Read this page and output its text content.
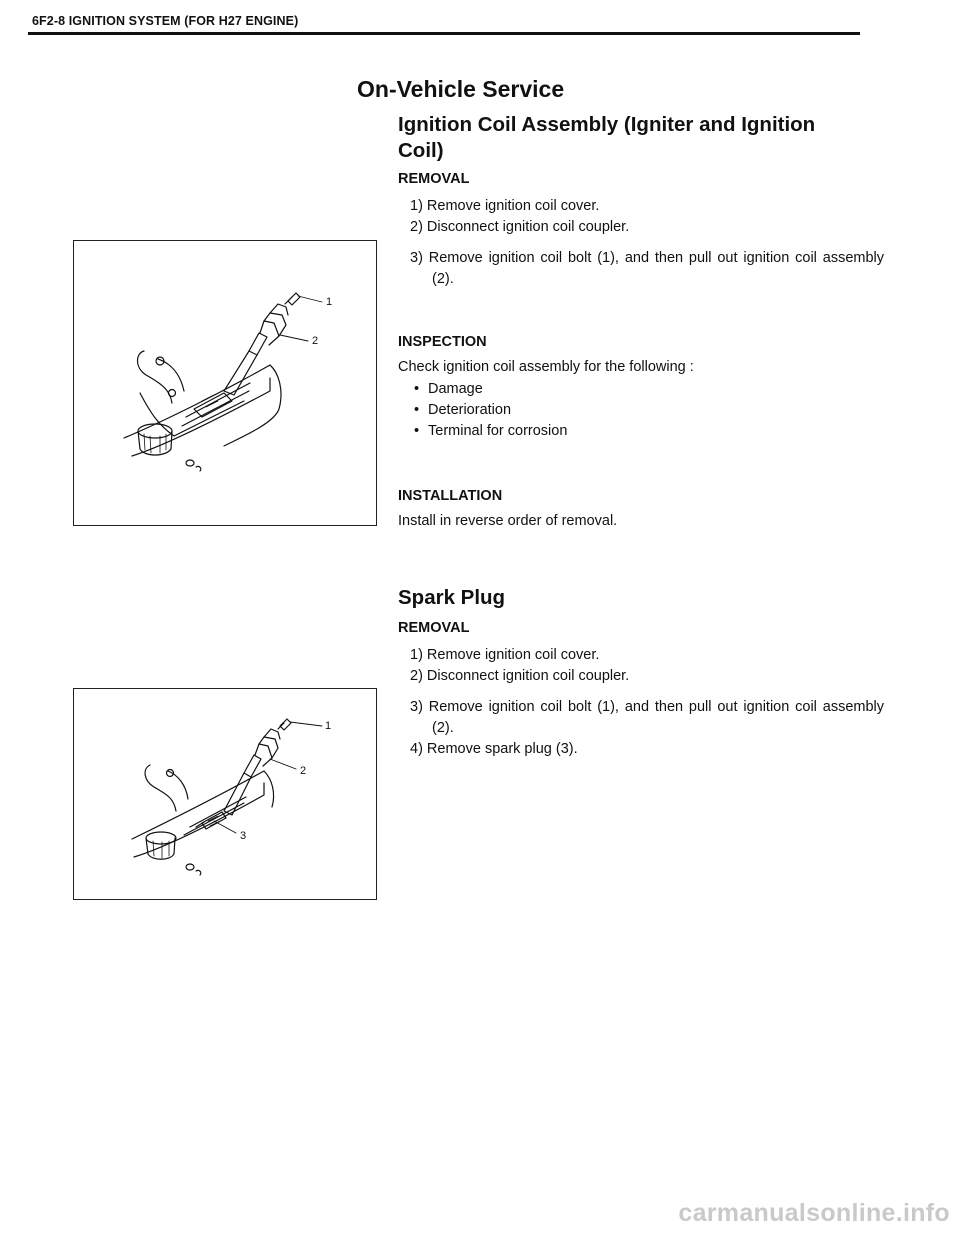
6F2-8 IGNITION SYSTEM (FOR H27 ENGINE)
On-Vehicle Service
Ignition Coil Assembly (Igniter and Ignition Coil)
REMOVAL
1) Remove ignition coil cover.
2) Disconnect ignition coil coupler.
3) Remove ignition coil bolt (1), and then pull out ignition coil assembly (2).
INSPECTION
Check ignition coil assembly for the following :
• Damage
• Deterioration
• Terminal for corrosion
INSTALLATION
Install in reverse order of removal.
1
2
Spark Plug
REMOVAL
1) Remove ignition coil cover.
2) Disconnect ignition coil coupler.
3) Remove ignition coil bolt (1), and then pull out ignition coil assembly (2).
4) Remove spark plug (3).
1
2
3
carmanualsonline.info
